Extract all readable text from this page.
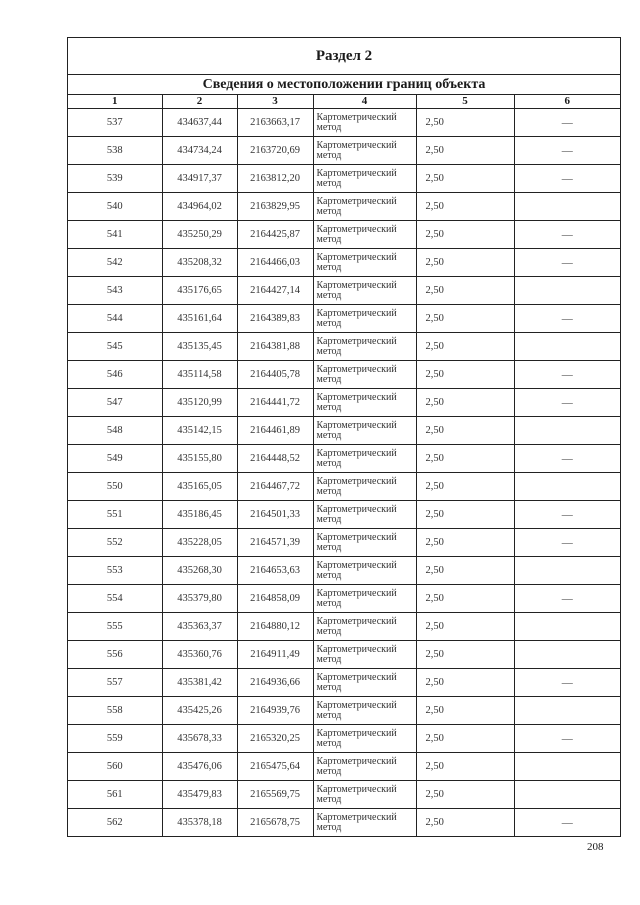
Раздел 2
Сведения о местоположении границ объекта
1	2	3	4	5	6
537	434637,44	2163663,17	Картометрический метод	2,50	—
538	434734,24	2163720,69	Картометрический метод	2,50	—
539	434917,37	2163812,20	Картометрический метод	2,50	—
540	434964,02	2163829,95	Картометрический метод	2,50	
541	435250,29	2164425,87	Картометрический метод	2,50	—
542	435208,32	2164466,03	Картометрический метод	2,50	—
543	435176,65	2164427,14	Картометрический метод	2,50	
544	435161,64	2164389,83	Картометрический метод	2,50	—
545	435135,45	2164381,88	Картометрический метод	2,50	
546	435114,58	2164405,78	Картометрический метод	2,50	—
547	435120,99	2164441,72	Картометрический метод	2,50	—
548	435142,15	2164461,89	Картометрический метод	2,50	
549	435155,80	2164448,52	Картометрический метод	2,50	—
550	435165,05	2164467,72	Картометрический метод	2,50	
551	435186,45	2164501,33	Картометрический метод	2,50	—
552	435228,05	2164571,39	Картометрический метод	2,50	—
553	435268,30	2164653,63	Картометрический метод	2,50	
554	435379,80	2164858,09	Картометрический метод	2,50	—
555	435363,37	2164880,12	Картометрический метод	2,50	
556	435360,76	2164911,49	Картометрический метод	2,50	
557	435381,42	2164936,66	Картометрический метод	2,50	—
558	435425,26	2164939,76	Картометрический метод	2,50	
559	435678,33	2165320,25	Картометрический метод	2,50	—
560	435476,06	2165475,64	Картометрический метод	2,50	
561	435479,83	2165569,75	Картометрический метод	2,50	
562	435378,18	2165678,75	Картометрический метод	2,50	—
208
